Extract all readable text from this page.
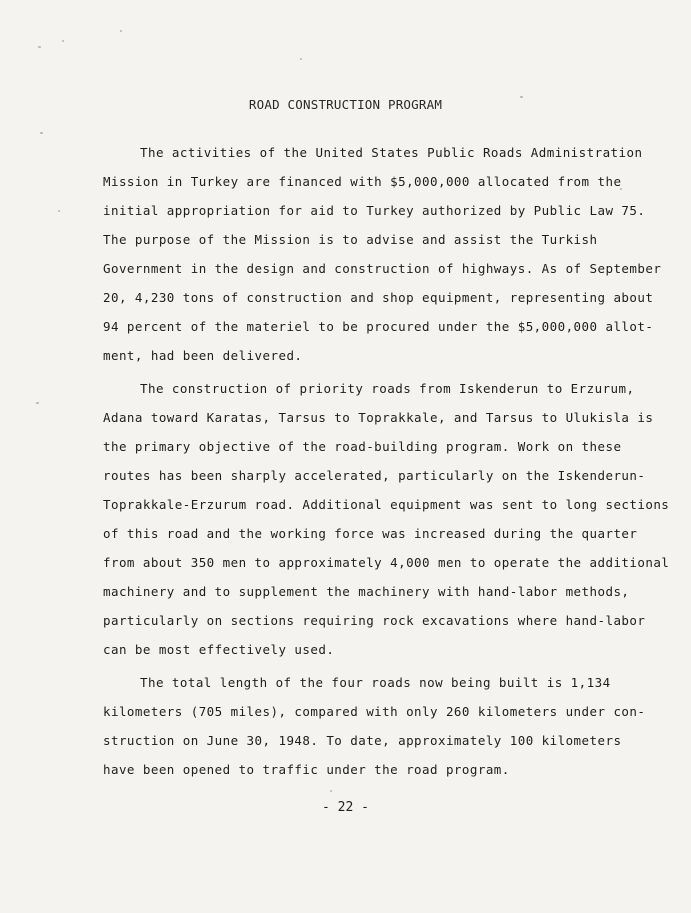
ROAD CONSTRUCTION PROGRAM
The activities of the United States Public Roads Administration
Mission in Turkey are financed with $5,000,000 allocated from the
initial appropriation for aid to Turkey authorized by Public Law 75.
The purpose of the Mission is to advise and assist the Turkish
Government in the design and construction of highways. As of September
20, 4,230 tons of construction and shop equipment, representing about
94 percent of the materiel to be procured under the $5,000,000 allot-
ment, had been delivered.
The construction of priority roads from Iskenderun to Erzurum,
Adana toward Karatas, Tarsus to Toprakkale, and Tarsus to Ulukisla is
the primary objective of the road-building program. Work on these
routes has been sharply accelerated, particularly on the Iskenderun-
Toprakkale-Erzurum road. Additional equipment was sent to long sections
of this road and the working force was increased during the quarter
from about 350 men to approximately 4,000 men to operate the additional
machinery and to supplement the machinery with hand-labor methods,
particularly on sections requiring rock excavations where hand-labor
can be most effectively used.
The total length of the four roads now being built is 1,134
kilometers (705 miles), compared with only 260 kilometers under con-
struction on June 30, 1948. To date, approximately 100 kilometers
have been opened to traffic under the road program.
- 22 -
